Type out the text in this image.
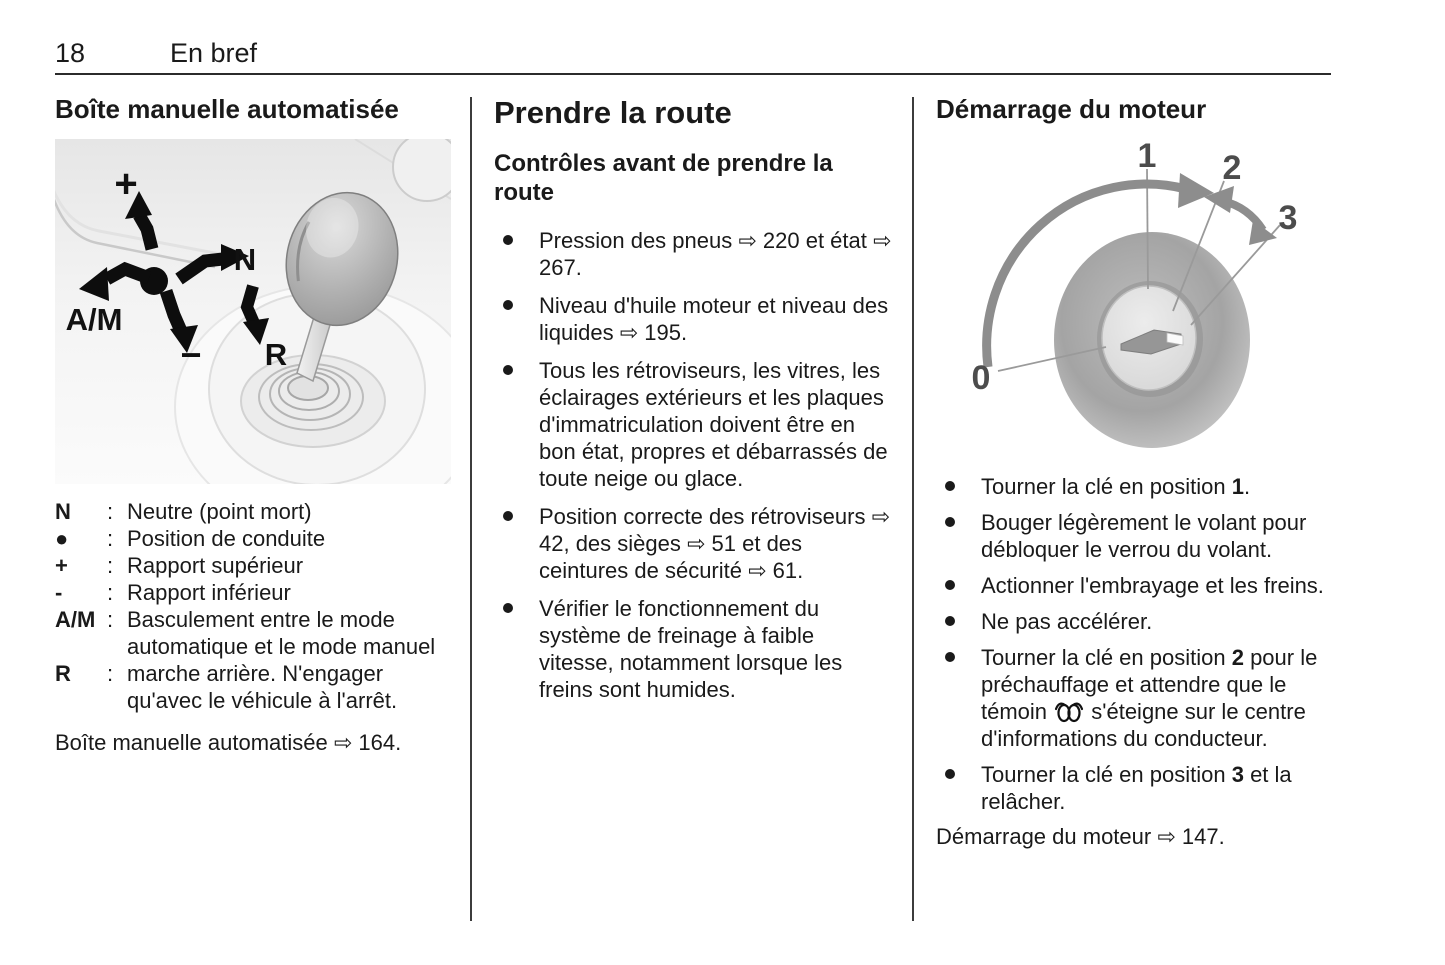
18	En bref
Boîte manuelle automatisée
+
A/M
N
− R
N	: Neutre (point mort)
●	: Position de conduite
+	: Rapport supérieur
-	: Rapport inférieur
A/M : Basculement entre le mode automatique et le mode manuel
R	: marche arrière. N'engager qu'avec le véhicule à l'arrêt.
Boîte manuelle automatisée ⇨ 164.
Prendre la route
Contrôles avant de prendre la route
Pression des pneus ⇨ 220 et état ⇨ 267.
Niveau d'huile moteur et niveau des liquides ⇨ 195.
Tous les rétroviseurs, les vitres, les éclairages extérieurs et les plaques d'immatriculation doivent être en bon état, propres et débarrassés de toute neige ou glace.
Position correcte des rétroviseurs ⇨ 42, des sièges ⇨ 51 et des ceintures de sécurité ⇨ 61.
Vérifier le fonctionnement du système de freinage à faible vitesse, notamment lorsque les freins sont humides.
Démarrage du moteur
0
1 2
3
Tourner la clé en position 1.
Bouger légèrement le volant pour débloquer le verrou du volant.
Actionner l'embrayage et les freins.
Ne pas accélérer.
Tourner la clé en position 2 pour le préchauffage et attendre que le témoin  s'éteigne sur le centre d'informations du conducteur.
Tourner la clé en position 3 et la relâcher.
Démarrage du moteur ⇨ 147.
